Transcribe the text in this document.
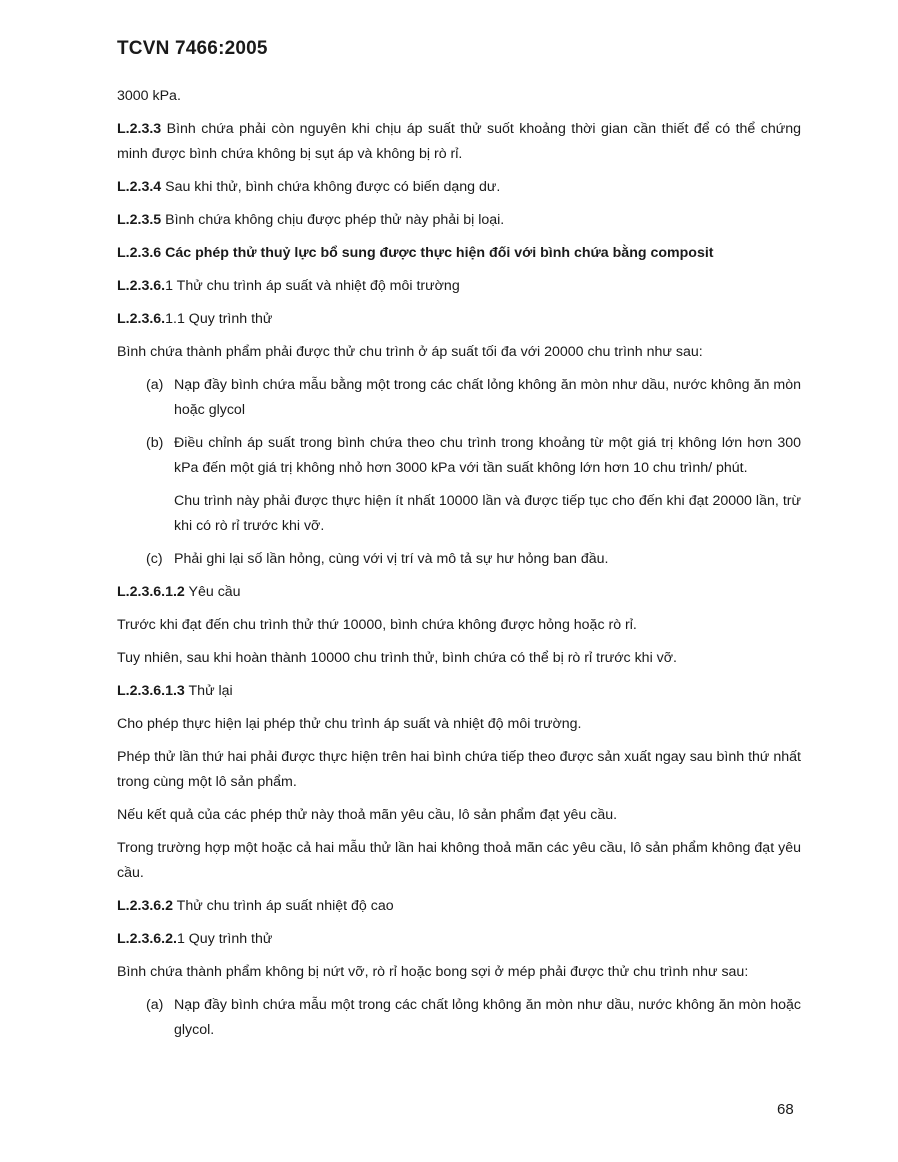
TCVN 7466:2005

3000 kPa.

L.2.3.3 Bình chứa phải còn nguyên khi chịu áp suất thử suốt khoảng thời gian cần thiết để có thể chứng minh được bình chứa không bị sụt áp và không bị rò rỉ.

L.2.3.4 Sau khi thử, bình chứa không được có biến dạng dư.

L.2.3.5 Bình chứa không chịu được phép thử này phải bị loại.

L.2.3.6 Các phép thử thuỷ lực bổ sung được thực hiện đối với bình chứa bằng composit

L.2.3.6.1 Thử chu trình áp suất và nhiệt độ môi trường

L.2.3.6.1.1 Quy trình thử

Bình chứa thành phẩm phải được thử chu trình ở áp suất tối đa với 20000 chu trình như sau:

(a) Nạp đầy bình chứa mẫu bằng một trong các chất lỏng không ăn mòn như dầu, nước không ăn mòn hoặc glycol
(b) Điều chỉnh áp suất trong bình chứa theo chu trình trong khoảng từ một giá trị không lớn hơn 300 kPa đến một giá trị không nhỏ hơn 3000 kPa với tần suất không lớn hơn 10 chu trình/ phút.
Chu trình này phải được thực hiện ít nhất 10000 lần và được tiếp tục cho đến khi đạt 20000 lần, trừ khi có rò rỉ trước khi vỡ.
(c) Phải ghi lại số lần hỏng, cùng với vị trí và mô tả sự hư hỏng ban đầu.

L.2.3.6.1.2 Yêu cầu

Trước khi đạt đến chu trình thử thứ 10000, bình chứa không được hỏng hoặc rò rỉ.

Tuy nhiên, sau khi hoàn thành 10000 chu trình thử, bình chứa có thể bị rò rỉ trước khi vỡ.

L.2.3.6.1.3 Thử lại

Cho phép thực hiện lại phép thử chu trình áp suất và nhiệt độ môi trường.

Phép thử lần thứ hai phải được thực hiện trên hai bình chứa tiếp theo được sản xuất ngay sau bình thứ nhất trong cùng một lô sản phẩm.

Nếu kết quả của các phép thử này thoả mãn yêu cầu, lô sản phẩm đạt yêu cầu.

Trong trường hợp một hoặc cả hai mẫu thử lần hai không thoả mãn các yêu cầu, lô sản phẩm không đạt yêu cầu.

L.2.3.6.2 Thử chu trình áp suất nhiệt độ cao

L.2.3.6.2.1 Quy trình thử

Bình chứa thành phẩm không bị nứt vỡ, rò rỉ hoặc bong sợi ở mép phải được thử chu trình như sau:

(a) Nạp đầy bình chứa mẫu một trong các chất lỏng không ăn mòn như dầu, nước không ăn mòn hoặc glycol.
68
